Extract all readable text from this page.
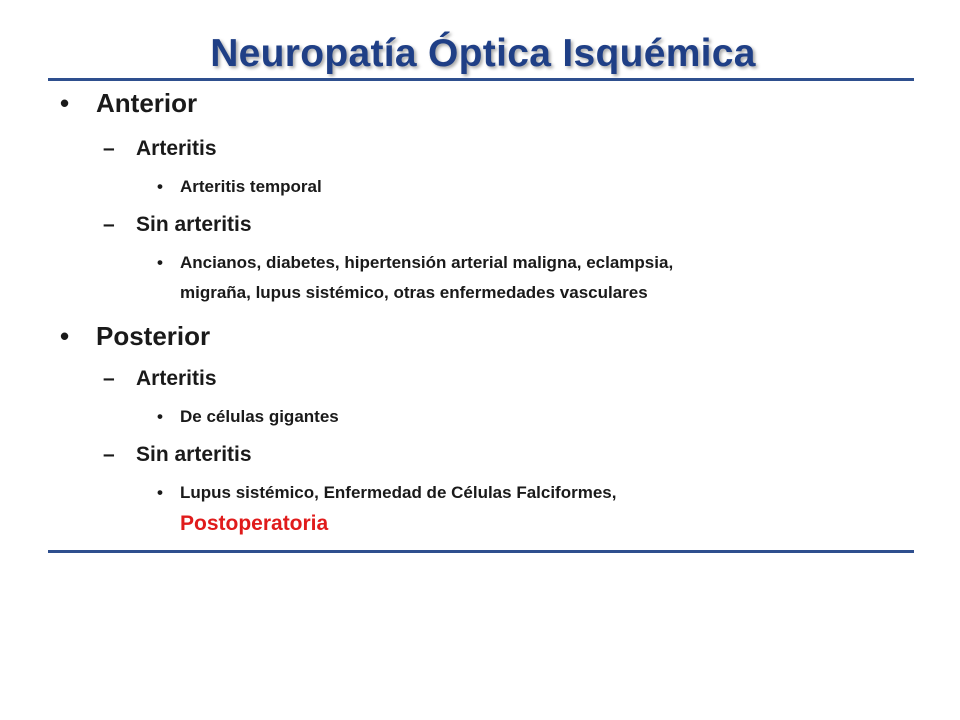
Neuropatía Óptica Isquémica
• Anterior
– Arteritis
• Arteritis temporal
– Sin arteritis
• Ancianos, diabetes, hipertensión arterial maligna, eclampsia,
migraña, lupus sistémico, otras enfermedades vasculares
• Posterior
– Arteritis
• De células gigantes
– Sin arteritis
• Lupus sistémico, Enfermedad de Células Falciformes,
Postoperatoria
